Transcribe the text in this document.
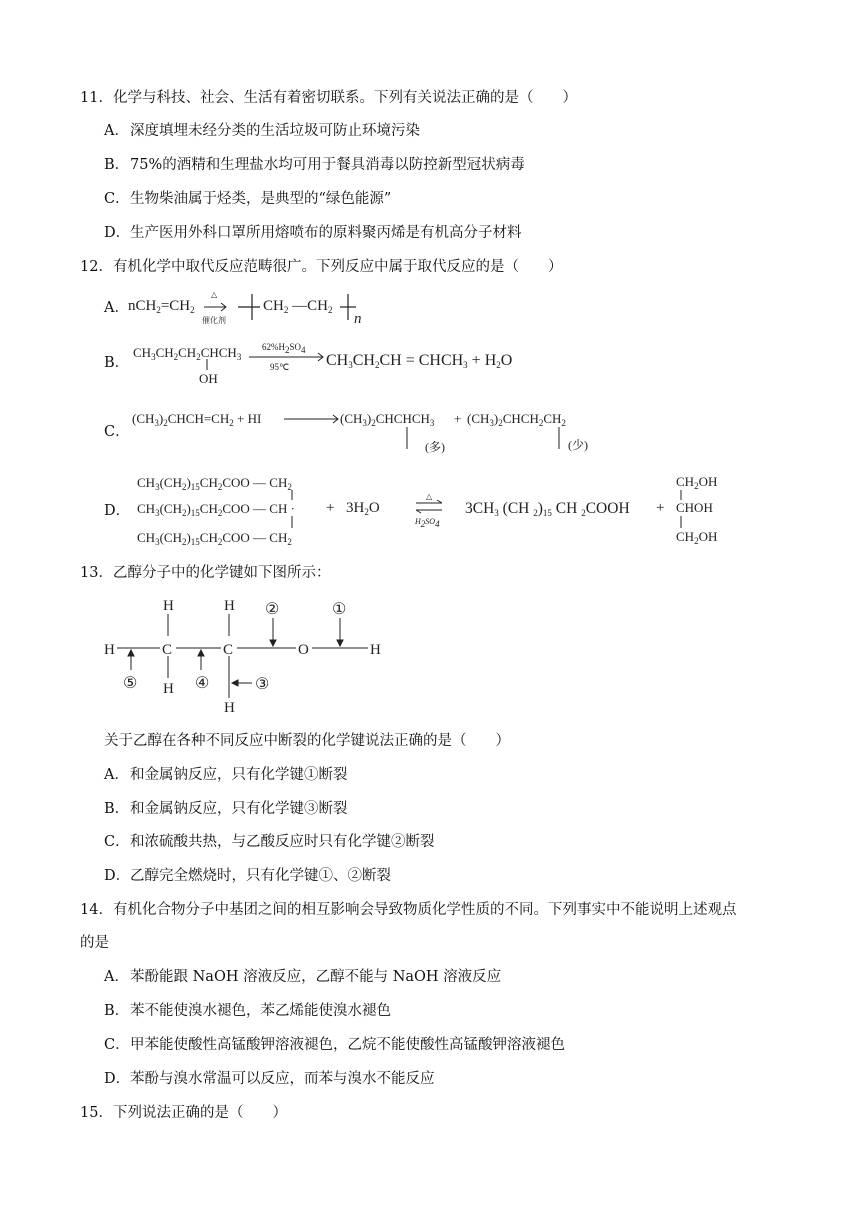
11．化学与科技、社会、生活有着密切联系。下列有关说法正确的是（　　）
A．深度填埋未经分类的生活垃圾可防止环境污染
B．75%的酒精和生理盐水均可用于餐具消毒以防控新型冠状病毒
C．生物柴油属于烃类，是典型的“绿色能源”
D．生产医用外科口罩所用熔喷布的原料聚丙烯是有机高分子材料
12．有机化学中取代反应范畴很广。下列反应中属于取代反应的是（　　）
A． $nCH_2=CH_2$
△
催化剂
$CH_2$ $—CH_2$
n
B．
$CH_3CH_2CH_2CHCH_3$
OH
$62\%H_2SO_4$
95℃ $CH_3CH_2CH$ = $CHCH_3 + H_2O$
C．
$(CH_3)_2CHCH=CH_2$ + HI	$(CH_3)_2CHCHCH_3$ + $(CH_3)_2CHCH_2CH_2$
(多)	(少)
D．
$CH_3(CH_2)_{15}CH_2COO$ — $CH_2$
$CH_3(CH_2)_{15}CH_2COO$ — CH ·
$CH_3(CH_2)_{15}CH_2COO$ — $CH_2$
+ $3H_2O$
△
$H_2SO_4$
$3CH_3$ (CH $_2)_{15}$ CH $_2$COOH +
$CH_2OH$
CHOH
$CH_2OH$
13．乙醇分子中的化学键如下图所示：
H	C	C	O	H
H
H
H
H
①
②
③
④
⑤
关于乙醇在各种不同反应中断裂的化学键说法正确的是（　　）
A．和金属钠反应，只有化学键①断裂
B．和金属钠反应，只有化学键③断裂
C．和浓硫酸共热，与乙酸反应时只有化学键②断裂
D．乙醇完全燃烧时，只有化学键①、②断裂
14．有机化合物分子中基团之间的相互影响会导致物质化学性质的不同。下列事实中不能说明上述观点
的是
A．苯酚能跟 NaOH 溶液反应，乙醇不能与 NaOH 溶液反应
B．苯不能使溴水褪色，苯乙烯能使溴水褪色
C．甲苯能使酸性高锰酸钾溶液褪色，乙烷不能使酸性高锰酸钾溶液褪色
D．苯酚与溴水常温可以反应，而苯与溴水不能反应
15．下列说法正确的是（　　）
